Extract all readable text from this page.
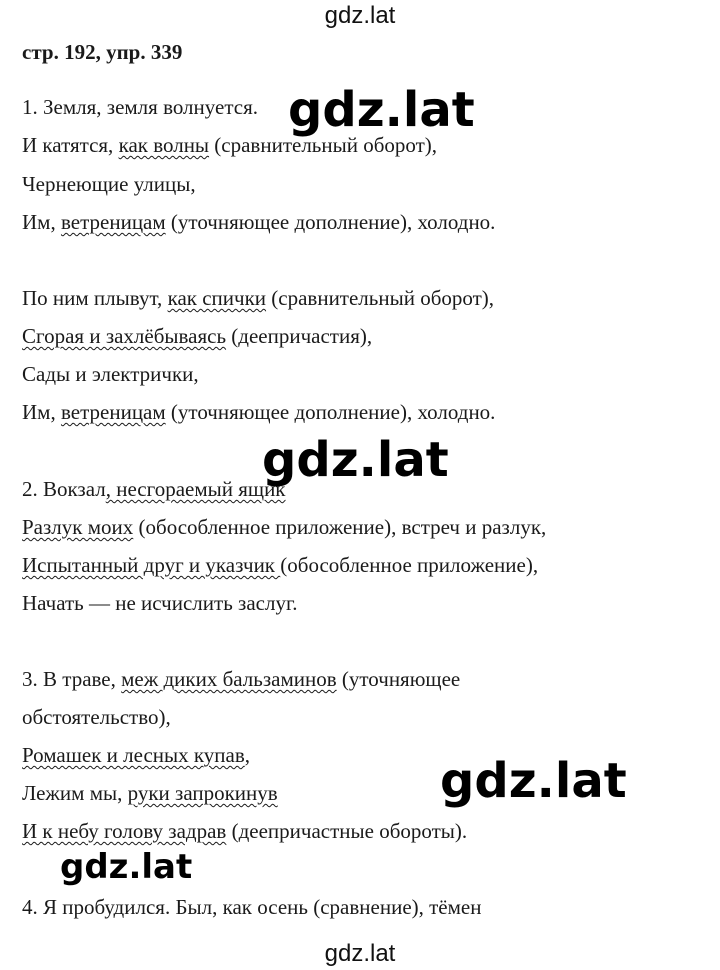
gdz.lat
стр. 192, упр. 339
1. Земля, земля волнуется.
И катятся, как волны (сравнительный оборот),
Чернеющие улицы,
Им, ветреницам (уточняющее дополнение), холодно.
По ним плывут, как спички (сравнительный оборот),
Сгорая и захлёбываясь (деепричастия),
Сады и электрички,
Им, ветреницам (уточняющее дополнение), холодно.
2. Вокзал, несгораемый ящик
Разлук моих (обособленное приложение), встреч и разлук,
Испытанный друг и указчик (обособленное приложение),
Начать — не исчислить заслуг.
3. В траве, меж диких бальзаминов (уточняющее
обстоятельство),
Ромашек и лесных купав,
Лежим мы, руки запрокинув
И к небу голову задрав (деепричастные обороты).
4. Я пробудился. Был, как осень (сравнение), тёмен
gdz.lat
gdz.lat
gdz.lat
gdz.lat
gdz.lat
